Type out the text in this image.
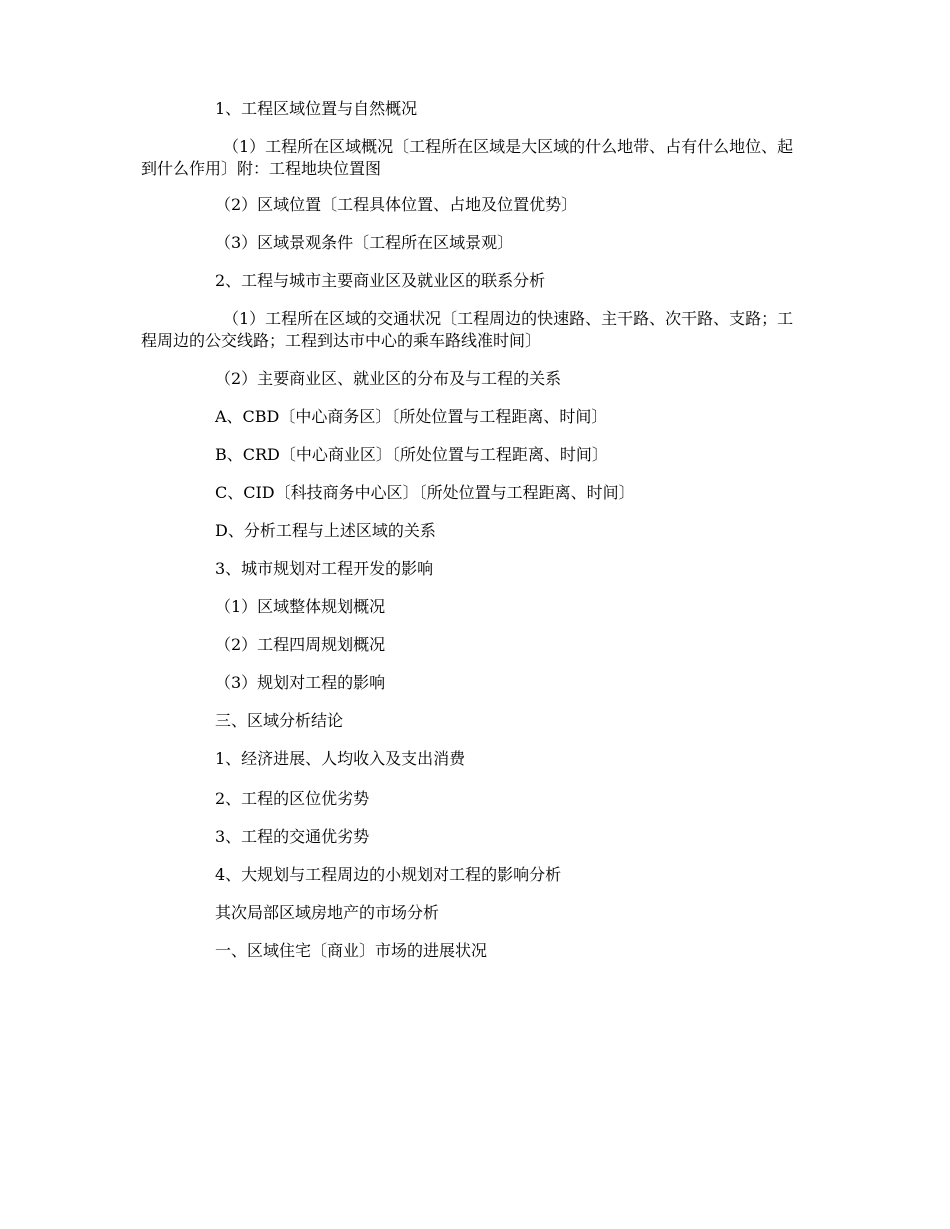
1、工程区域位置与自然概况
（1）工程所在区域概况〔工程所在区域是大区域的什么地带、占有什么地位、起到什么作用〕附：工程地块位置图
（2）区域位置〔工程具体位置、占地及位置优势〕
（3）区域景观条件〔工程所在区域景观〕
2、工程与城市主要商业区及就业区的联系分析
（1）工程所在区域的交通状况〔工程周边的快速路、主干路、次干路、支路；工程周边的公交线路；工程到达市中心的乘车路线准时间〕
（2）主要商业区、就业区的分布及与工程的关系
A、CBD〔中心商务区〕〔所处位置与工程距离、时间〕
B、CRD〔中心商业区〕〔所处位置与工程距离、时间〕
C、CID〔科技商务中心区〕〔所处位置与工程距离、时间〕
D、分析工程与上述区域的关系
3、城市规划对工程开发的影响
（1）区域整体规划概况
（2）工程四周规划概况
（3）规划对工程的影响
三、区域分析结论
1、经济进展、人均收入及支出消费
2、工程的区位优劣势
3、工程的交通优劣势
4、大规划与工程周边的小规划对工程的影响分析
其次局部区域房地产的市场分析
一、区域住宅〔商业〕市场的进展状况
